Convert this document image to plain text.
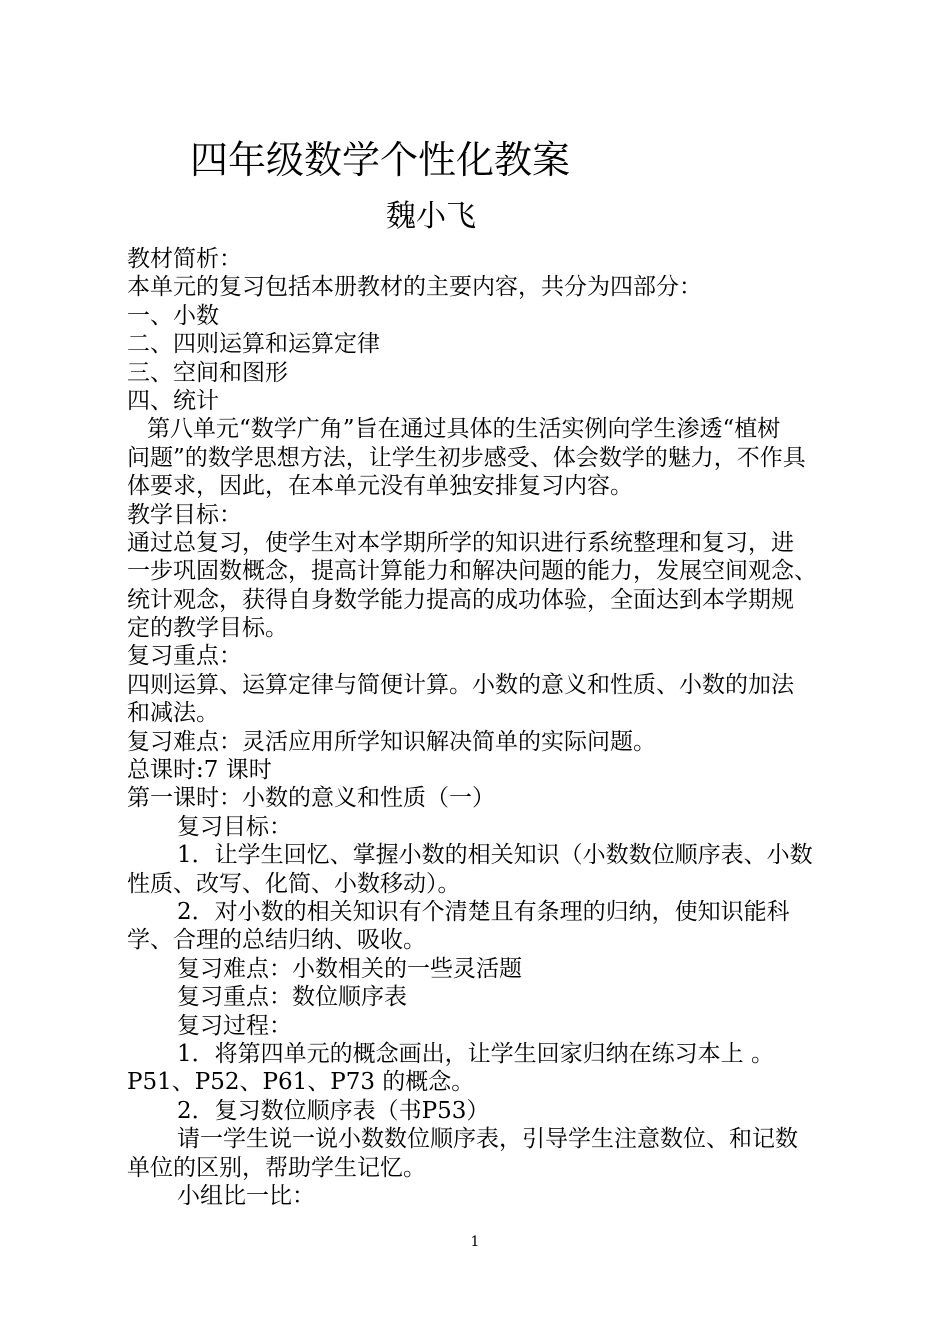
四年级数学个性化教案
魏小飞
教材简析：
本单元的复习包括本册教材的主要内容，共分为四部分：
一、小数
二、四则运算和运算定律
三、空间和图形
四、统计
第八单元“数学广角”旨在通过具体的生活实例向学生渗透“植树
问题”的数学思想方法，让学生初步感受、体会数学的魅力，不作具
体要求，因此，在本单元没有单独安排复习内容。
教学目标：
通过总复习，使学生对本学期所学的知识进行系统整理和复习，进
一步巩固数概念，提高计算能力和解决问题的能力，发展空间观念、
统计观念，获得自身数学能力提高的成功体验，全面达到本学期规
定的教学目标。
复习重点：
四则运算、运算定律与简便计算。小数的意义和性质、小数的加法
和减法。
复习难点：灵活应用所学知识解决简单的实际问题。
总课时:7 课时
第一课时：小数的意义和性质（一）
复习目标：
1．让学生回忆、掌握小数的相关知识（小数数位顺序表、小数
性质、改写、化简、小数移动）。
2．对小数的相关知识有个清楚且有条理的归纳，使知识能科
学、合理的总结归纳、吸收。
复习难点：小数相关的一些灵活题
复习重点：数位顺序表
复习过程：
1．将第四单元的概念画出，让学生回家归纳在练习本上 。
P51、P52、P61、P73 的概念。
2．复习数位顺序表（书P53）
请一学生说一说小数数位顺序表，引导学生注意数位、和记数
单位的区别，帮助学生记忆。
小组比一比：
1
